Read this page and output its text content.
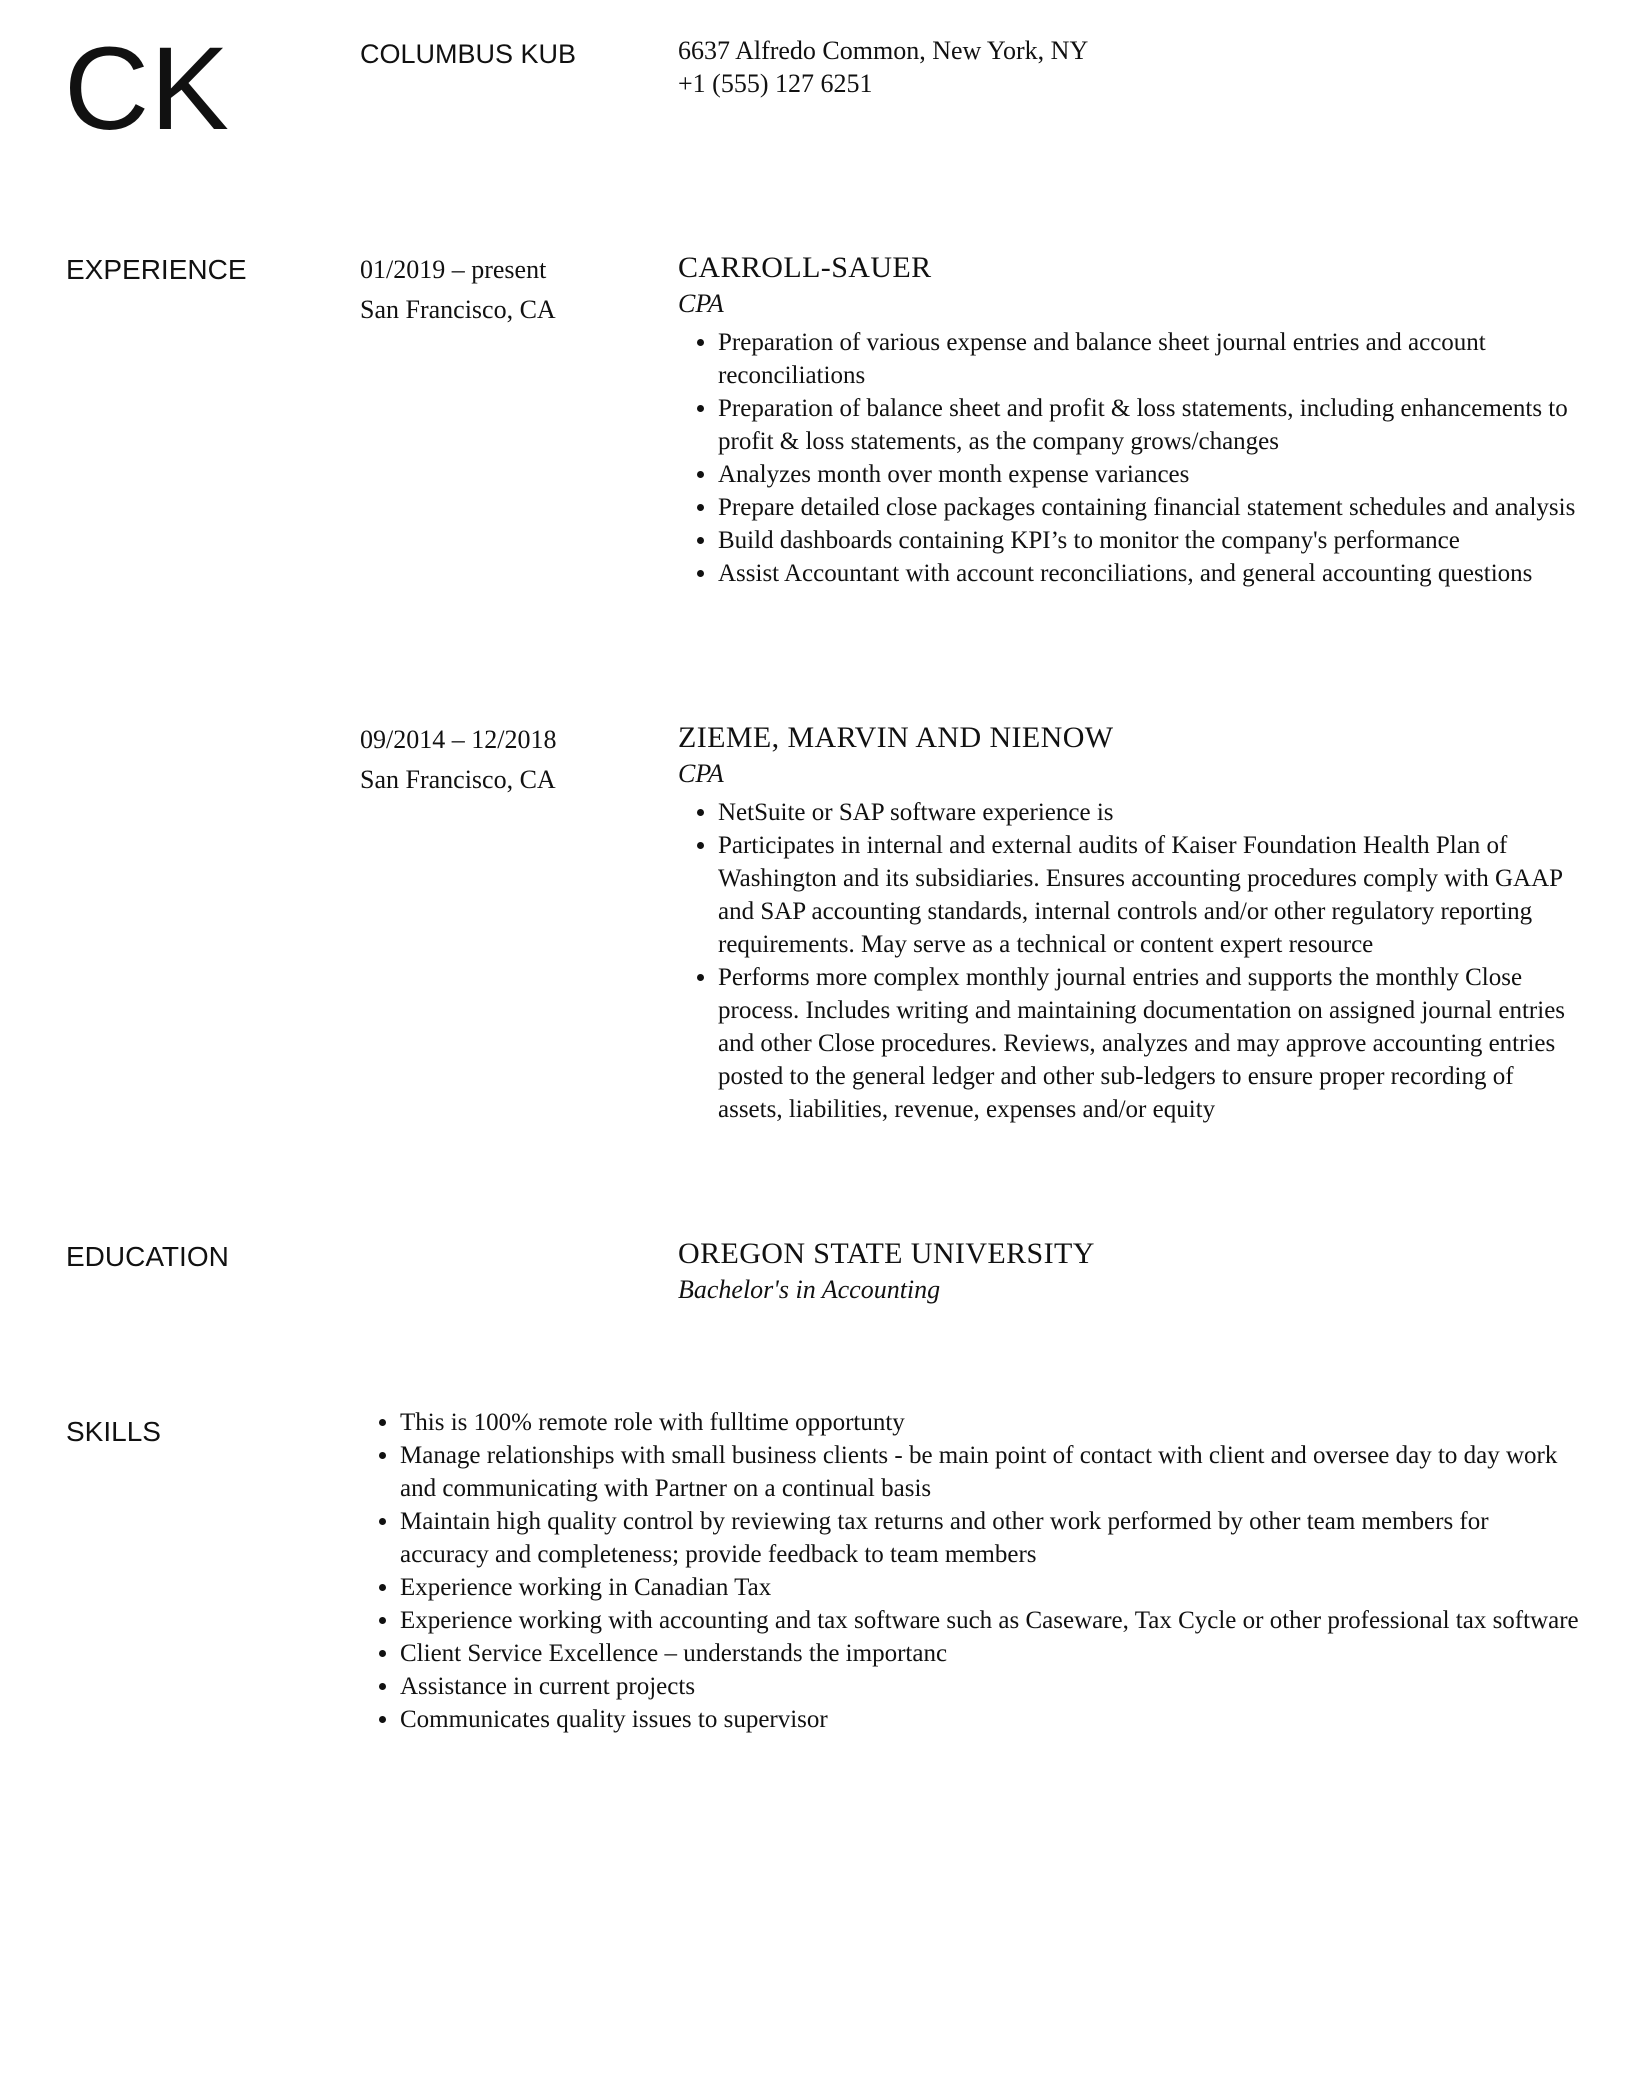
CK	COLUMBUS KUB	6637 Alfredo Common, New York, NY
+1 (555) 127 6251
EXPERIENCE	01/2019 – present
San Francisco, CA
CARROLL-SAUER
CPA
• Preparation of various expense and balance sheet journal entries and account reconciliations
• Preparation of balance sheet and profit & loss statements, including enhancements to profit & loss statements, as the company grows/changes
• Analyzes month over month expense variances
• Prepare detailed close packages containing financial statement schedules and analysis
• Build dashboards containing KPI’s to monitor the company's performance
• Assist Accountant with account reconciliations, and general accounting questions
09/2014 – 12/2018
San Francisco, CA
ZIEME, MARVIN AND NIENOW
CPA
• NetSuite or SAP software experience is
• Participates in internal and external audits of Kaiser Foundation Health Plan of Washington and its subsidiaries. Ensures accounting procedures comply with GAAP and SAP accounting standards, internal controls and/or other regulatory reporting requirements. May serve as a technical or content expert resource
• Performs more complex monthly journal entries and supports the monthly Close process. Includes writing and maintaining documentation on assigned journal entries and other Close procedures. Reviews, analyzes and may approve accounting entries posted to the general ledger and other sub-ledgers to ensure proper recording of assets, liabilities, revenue, expenses and/or equity
EDUCATION	OREGON STATE UNIVERSITY
Bachelor's in Accounting
SKILLS
•	This is 100% remote role with fulltime opportunty
• Manage relationships with small business clients - be main point of contact with client and oversee day to day work and communicating with Partner on a continual basis
• Maintain high quality control by reviewing tax returns and other work performed by other team members for accuracy and completeness; provide feedback to team members
• Experience working in Canadian Tax
• Experience working with accounting and tax software such as Caseware, Tax Cycle or other professional tax software
• Client Service Excellence – understands the importanc
• Assistance in current projects
• Communicates quality issues to supervisor
